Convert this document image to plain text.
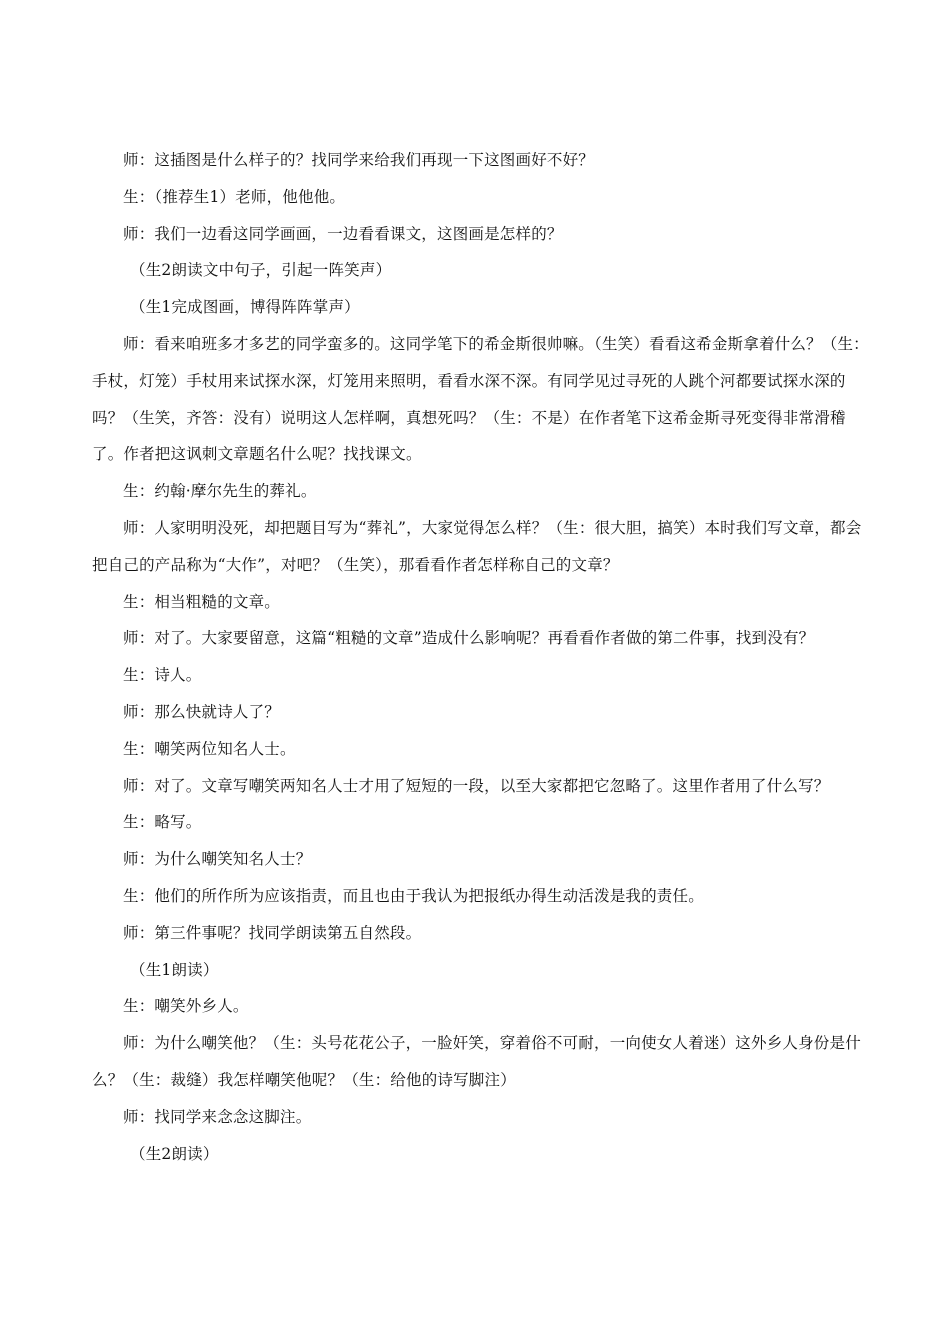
师：这插图是什么样子的？找同学来给我们再现一下这图画好不好？

生：（推荐生1）老师，他他他。

师：我们一边看这同学画画，一边看看课文，这图画是怎样的？

（生2朗读文中句子，引起一阵笑声）

（生1完成图画，博得阵阵掌声）

师：看来咱班多才多艺的同学蛮多的。这同学笔下的希金斯很帅嘛。（生笑）看看这希金斯拿着什么？（生：手杖，灯笼）手杖用来试探水深，灯笼用来照明，看看水深不深。有同学见过寻死的人跳个河都要试探水深的吗？（生笑，齐答：没有）说明这人怎样啊，真想死吗？（生：不是）在作者笔下这希金斯寻死变得非常滑稽了。作者把这讽刺文章题名什么呢？找找课文。

生：约翰·摩尔先生的葬礼。

师：人家明明没死，却把题目写为“葬礼”，大家觉得怎么样？（生：很大胆，搞笑）本时我们写文章，都会把自己的产品称为“大作”，对吧？（生笑），那看看作者怎样称自己的文章？

生：相当粗糙的文章。

师：对了。大家要留意，这篇“粗糙的文章”造成什么影响呢？再看看作者做的第二件事，找到没有？

生：诗人。

师：那么快就诗人了？

生：嘲笑两位知名人士。

师：对了。文章写嘲笑两知名人士才用了短短的一段，以至大家都把它忽略了。这里作者用了什么写？

生：略写。

师：为什么嘲笑知名人士？

生：他们的所作所为应该指责，而且也由于我认为把报纸办得生动活泼是我的责任。

师：第三件事呢？找同学朗读第五自然段。

（生1朗读）

生：嘲笑外乡人。

师：为什么嘲笑他？（生：头号花花公子，一脸奸笑，穿着俗不可耐，一向使女人着迷）这外乡人身份是什么？（生：裁缝）我怎样嘲笑他呢？（生：给他的诗写脚注）

师：找同学来念念这脚注。

（生2朗读）
